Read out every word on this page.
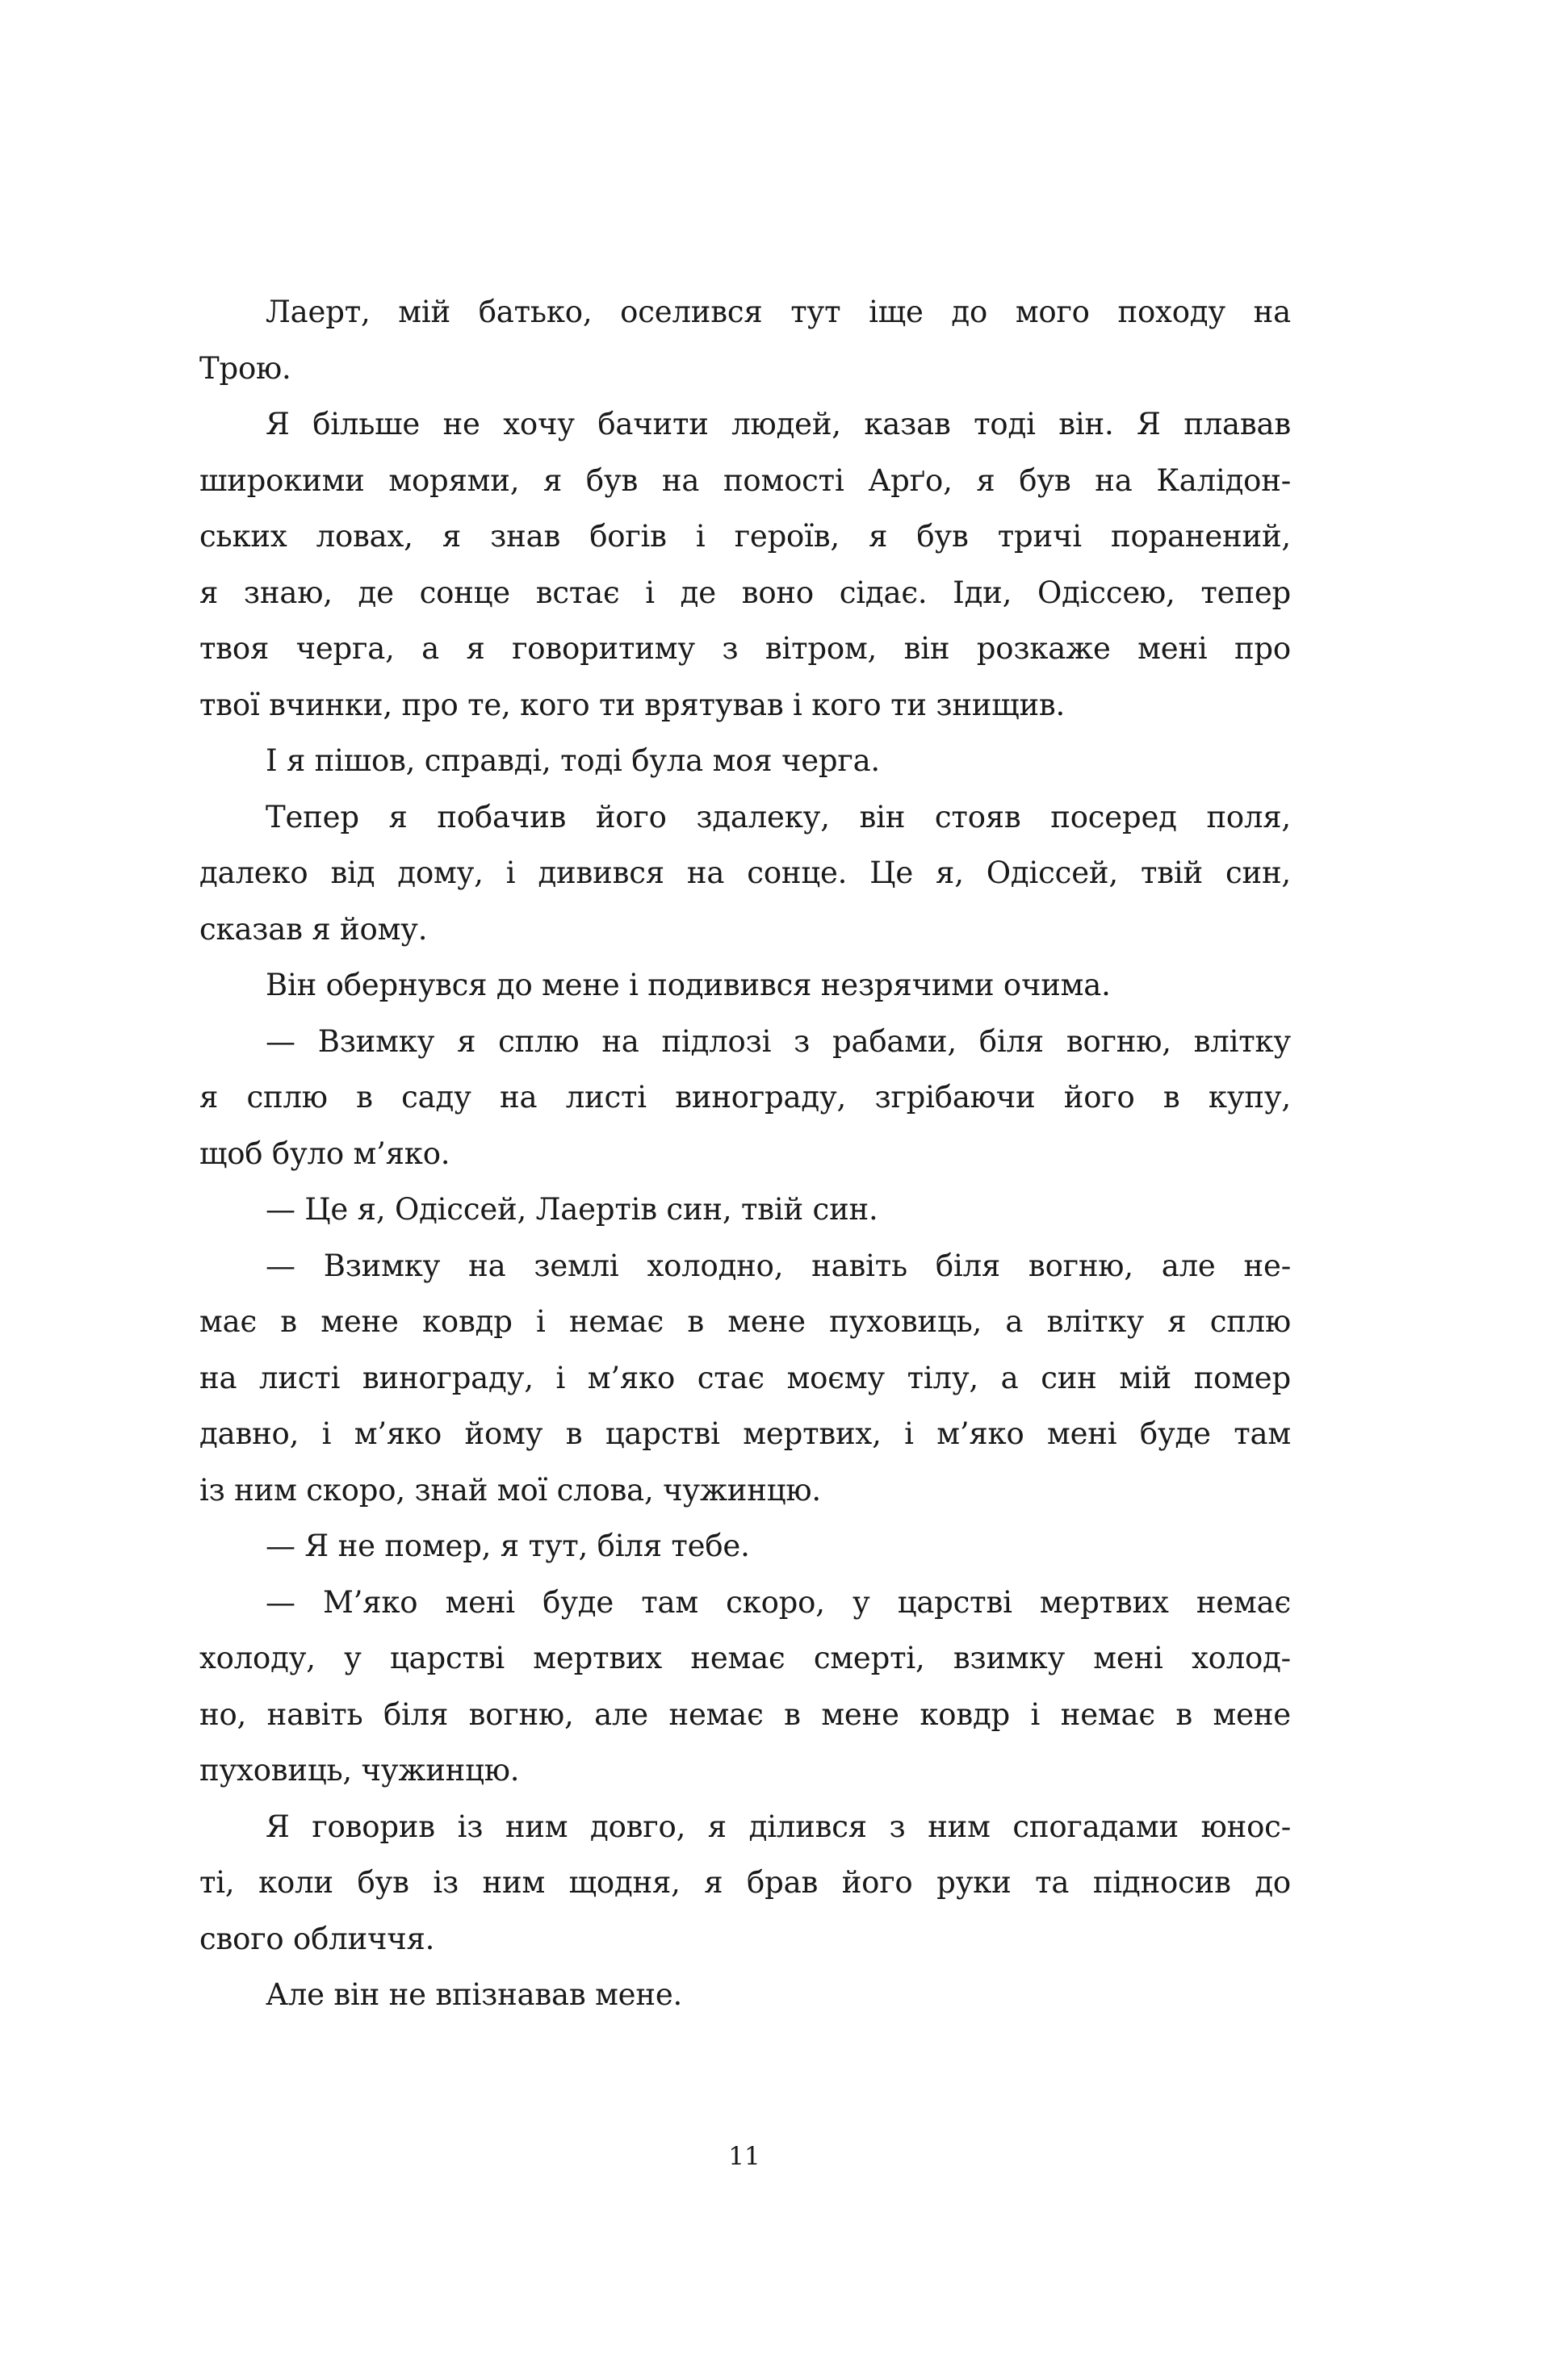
Лаерт, мій батько, оселився тут іще до мого походу на
Трою.
Я більше не хочу бачити людей, казав тоді він. Я плавав
широкими морями, я був на помості Арґо, я був на Калідон-
ських ловах, я знав богів і героїв, я був тричі поранений,
я знаю, де сонце встає і де воно сідає. Іди, Одіссею, тепер
твоя черга, а я говоритиму з вітром, він розкаже мені про
твої вчинки, про те, кого ти врятував і кого ти знищив.
І я пішов, справді, тоді була моя черга.
Тепер я побачив його здалеку, він стояв посеред поля,
далеко від дому, і дивився на сонце. Це я, Одіссей, твій син,
сказав я йому.
Він обернувся до мене і подивився незрячими очима.
— Взимку я сплю на підлозі з рабами, біля вогню, влітку
я сплю в саду на листі винограду, згрібаючи його в купу,
щоб було м’яко.
— Це я, Одіссей, Лаертів син, твій син.
— Взимку на землі холодно, навіть біля вогню, але не-
має в мене ковдр і немає в мене пуховиць, а влітку я сплю
на листі винограду, і м’яко стає моєму тілу, а син мій помер
давно, і м’яко йому в царстві мертвих, і м’яко мені буде там
із ним скоро, знай мої слова, чужинцю.
— Я не помер, я тут, біля тебе.
— М’яко мені буде там скоро, у царстві мертвих немає
холоду, у царстві мертвих немає смерті, взимку мені холод-
но, навіть біля вогню, але немає в мене ковдр і немає в мене
пуховиць, чужинцю.
Я говорив із ним довго, я ділився з ним спогадами юнос-
ті, коли був із ним щодня, я брав його руки та підносив до
свого обличчя.
Але він не впізнавав мене.
11
